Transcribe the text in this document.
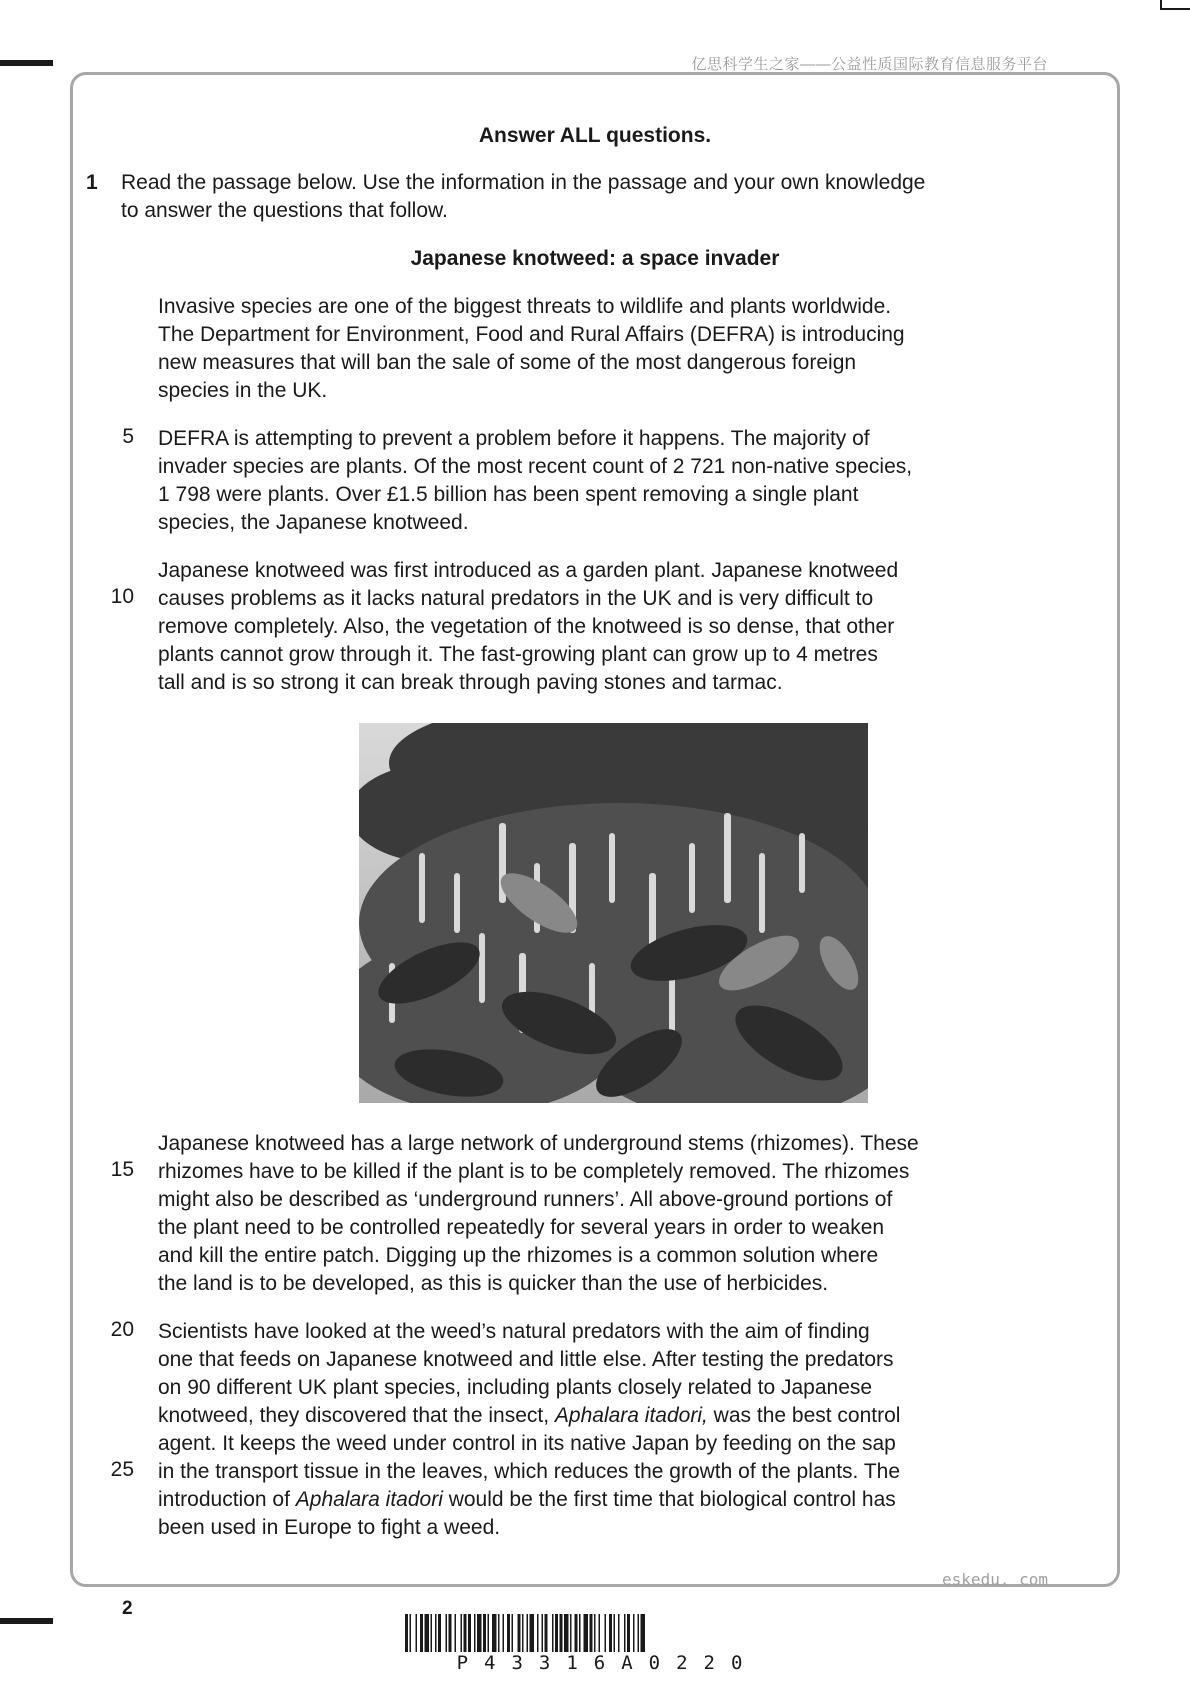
亿思科学生之家——公益性质国际教育信息服务平台
Answer ALL questions.
1 Read the passage below. Use the information in the passage and your own knowledge
to answer the questions that follow.
Japanese knotweed: a space invader
Invasive species are one of the biggest threats to wildlife and plants worldwide.
The Department for Environment, Food and Rural Affairs (DEFRA) is introducing
new measures that will ban the sale of some of the most dangerous foreign
species in the UK.
5 DEFRA is attempting to prevent a problem before it happens. The majority of
invader species are plants. Of the most recent count of 2 721 non-native species,
1 798 were plants. Over £1.5 billion has been spent removing a single plant
species, the Japanese knotweed.
10
Japanese knotweed was first introduced as a garden plant. Japanese knotweed
causes problems as it lacks natural predators in the UK and is very difficult to
remove completely. Also, the vegetation of the knotweed is so dense, that other
plants cannot grow through it. The fast-growing plant can grow up to 4 metres
tall and is so strong it can break through paving stones and tarmac.
15
Japanese knotweed has a large network of underground stems (rhizomes). These
rhizomes have to be killed if the plant is to be completely removed. The rhizomes
might also be described as ‘underground runners’. All above-ground portions of
the plant need to be controlled repeatedly for several years in order to weaken
and kill the entire patch. Digging up the rhizomes is a common solution where
the land is to be developed, as this is quicker than the use of herbicides.
20
25
Scientists have looked at the weed’s natural predators with the aim of finding
one that feeds on Japanese knotweed and little else. After testing the predators
on 90 different UK plant species, including plants closely related to Japanese
knotweed, they discovered that the insect, Aphalara itadori, was the best control
agent. It keeps the weed under control in its native Japan by feeding on the sap
in the transport tissue in the leaves, which reduces the growth of the plants. The
introduction of Aphalara itadori would be the first time that biological control has
been used in Europe to fight a weed.
eskedu. com
2
P43316A0220
